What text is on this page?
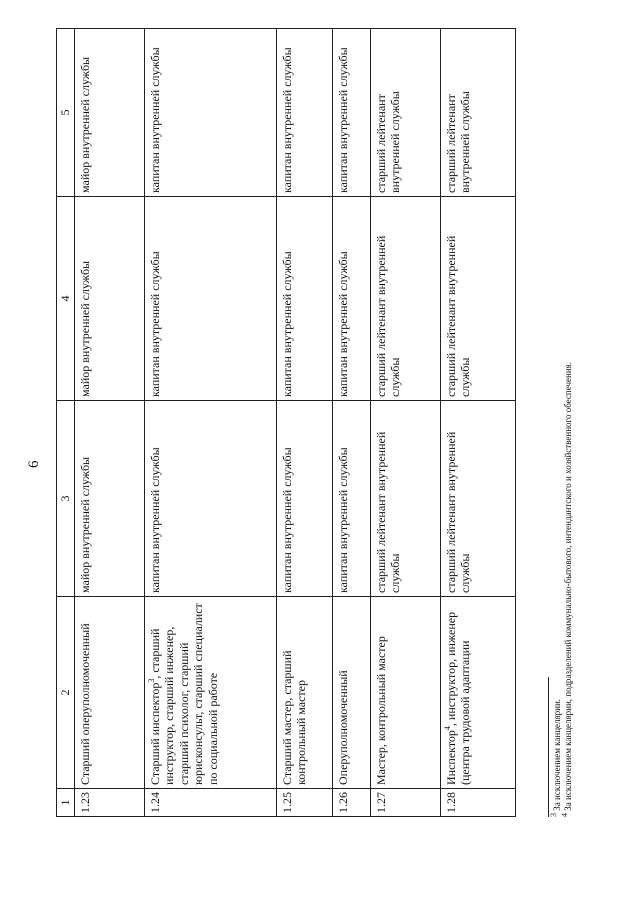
6
1	2	3	4	5
1.23	Старший оперуполномоченный	майор внутренней службы	майор внутренней службы	майор внутренней службы

1.24	Старший инспектор$^3$, старший инструктор, старший инженер, старший психолог, старший юрисконсульт, старший специалист по социальной работе	капитан внутренней службы	капитан внутренней службы	капитан внутренней службы

1.25	Старший мастер, старший контрольный мастер	капитан внутренней службы	капитан внутренней службы	капитан внутренней службы

1.26	Оперуполномоченный	капитан внутренней службы	капитан внутренней службы	капитан внутренней службы

1.27	Мастер, контрольный мастер	старший лейтенант внутренней службы	старший лейтенант внутренней службы	старший лейтенант внутренней службы

1.28	Инспектор$^4$, инструктор, инженер (центра трудовой адаптации	старший лейтенант внутренней службы	старший лейтенант внутренней службы	старший лейтенант внутренней службы
$^3$ За исключением канцелярии.
$^4$ За исключением канцелярии, подразделений коммунально-бытового, интендантского и хозяйственного обеспечения.
